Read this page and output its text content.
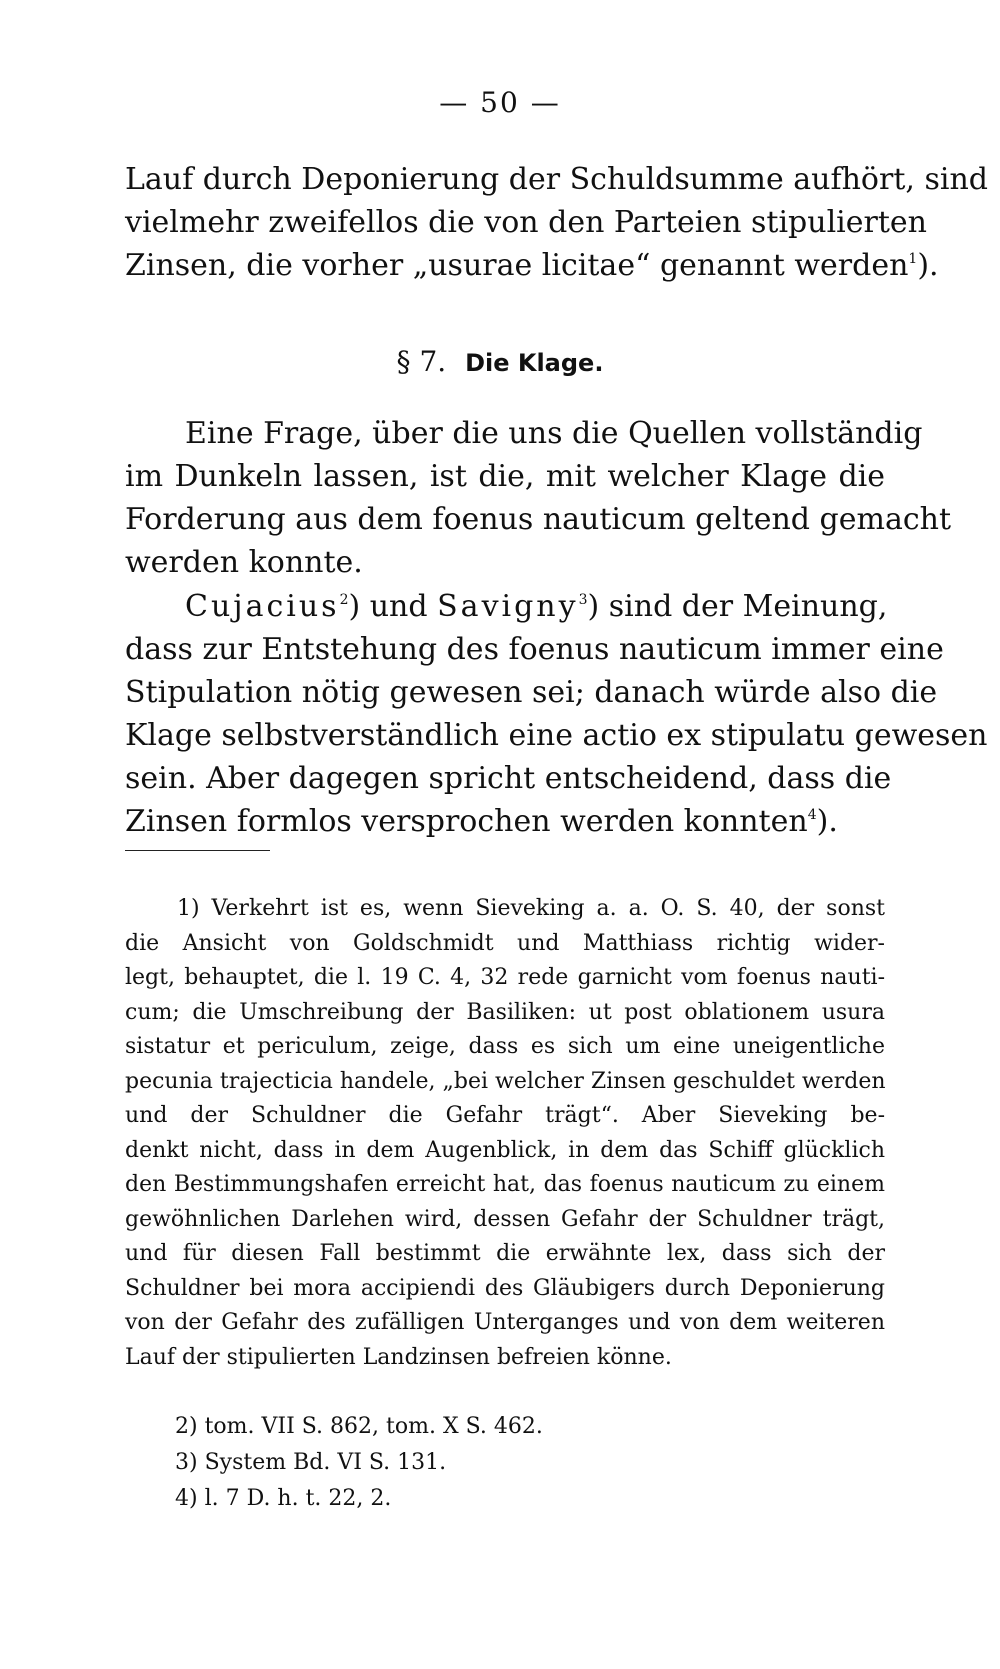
— 50 —
Lauf durch Deponierung der Schuldsumme aufhört, sind
vielmehr zweifellos die von den Parteien stipulierten
Zinsen, die vorher „usurae licitae“ genannt werden$^1$).
§ 7. Die Klage.
Eine Frage, über die uns die Quellen vollständig
im Dunkeln lassen, ist die, mit welcher Klage die
Forderung aus dem foenus nauticum geltend gemacht
werden konnte.
Cujacius$^2$) und Savigny$^3$) sind der Meinung,
dass zur Entstehung des foenus nauticum immer eine
Stipulation nötig gewesen sei; danach würde also die
Klage selbstverständlich eine actio ex stipulatu gewesen
sein. Aber dagegen spricht entscheidend, dass die
Zinsen formlos versprochen werden konnten$^4$).
1) Verkehrt ist es, wenn Sieveking a. a. O. S. 40, der sonst
die Ansicht von Goldschmidt und Matthiass richtig wider-
legt, behauptet, die l. 19 C. 4, 32 rede garnicht vom foenus nauti-
cum; die Umschreibung der Basiliken: ut post oblationem usura
sistatur et periculum, zeige, dass es sich um eine uneigentliche
pecunia trajecticia handele, „bei welcher Zinsen geschuldet werden
und der Schuldner die Gefahr trägt“. Aber Sieveking be-
denkt nicht, dass in dem Augenblick, in dem das Schiff glücklich
den Bestimmungshafen erreicht hat, das foenus nauticum zu einem
gewöhnlichen Darlehen wird, dessen Gefahr der Schuldner trägt,
und für diesen Fall bestimmt die erwähnte lex, dass sich der
Schuldner bei mora accipiendi des Gläubigers durch Deponierung
von der Gefahr des zufälligen Unterganges und von dem weiteren
Lauf der stipulierten Landzinsen befreien könne.
2) tom. VII S. 862, tom. X S. 462.
3) System Bd. VI S. 131.
4) l. 7 D. h. t. 22, 2.
